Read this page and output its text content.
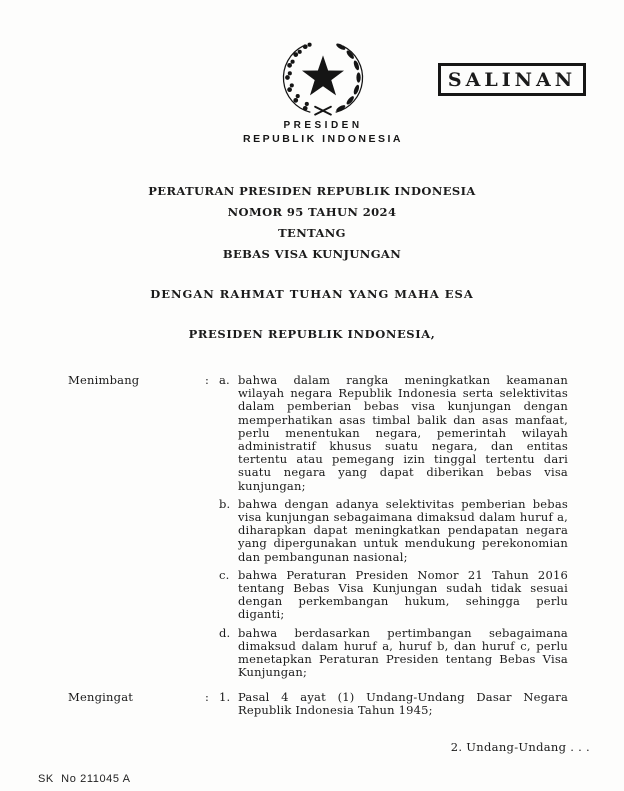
PRESIDEN
REPUBLIK INDONESIA
SALINAN
PERATURAN PRESIDEN REPUBLIK INDONESIA
NOMOR 95 TAHUN 2024
TENTANG
BEBAS VISA KUNJUNGAN
DENGAN RAHMAT TUHAN YANG MAHA ESA
PRESIDEN REPUBLIK INDONESIA,
Menimbang	: a. bahwa dalam rangka meningkatkan keamanan wilayah negara Republik Indonesia serta selektivitas dalam pemberian bebas visa kunjungan dengan memperhatikan asas timbal balik dan asas manfaat, perlu menentukan negara, pemerintah wilayah administratif khusus suatu negara, dan entitas tertentu atau pemegang izin tinggal tertentu dari suatu negara yang dapat diberikan bebas visa kunjungan;
b. bahwa dengan adanya selektivitas pemberian bebas visa kunjungan sebagaimana dimaksud dalam huruf a, diharapkan dapat meningkatkan pendapatan negara yang dipergunakan untuk mendukung perekonomian dan pembangunan nasional;
c. bahwa Peraturan Presiden Nomor 21 Tahun 2016 tentang Bebas Visa Kunjungan sudah tidak sesuai dengan perkembangan hukum, sehingga perlu diganti;
d. bahwa berdasarkan pertimbangan sebagaimana dimaksud dalam huruf a, huruf b, dan huruf c, perlu menetapkan Peraturan Presiden tentang Bebas Visa Kunjungan;
Mengingat	: 1. Pasal 4 ayat (1) Undang-Undang Dasar Negara Republik Indonesia Tahun 1945;
2. Undang-Undang . . .
SK  No 211045 A
